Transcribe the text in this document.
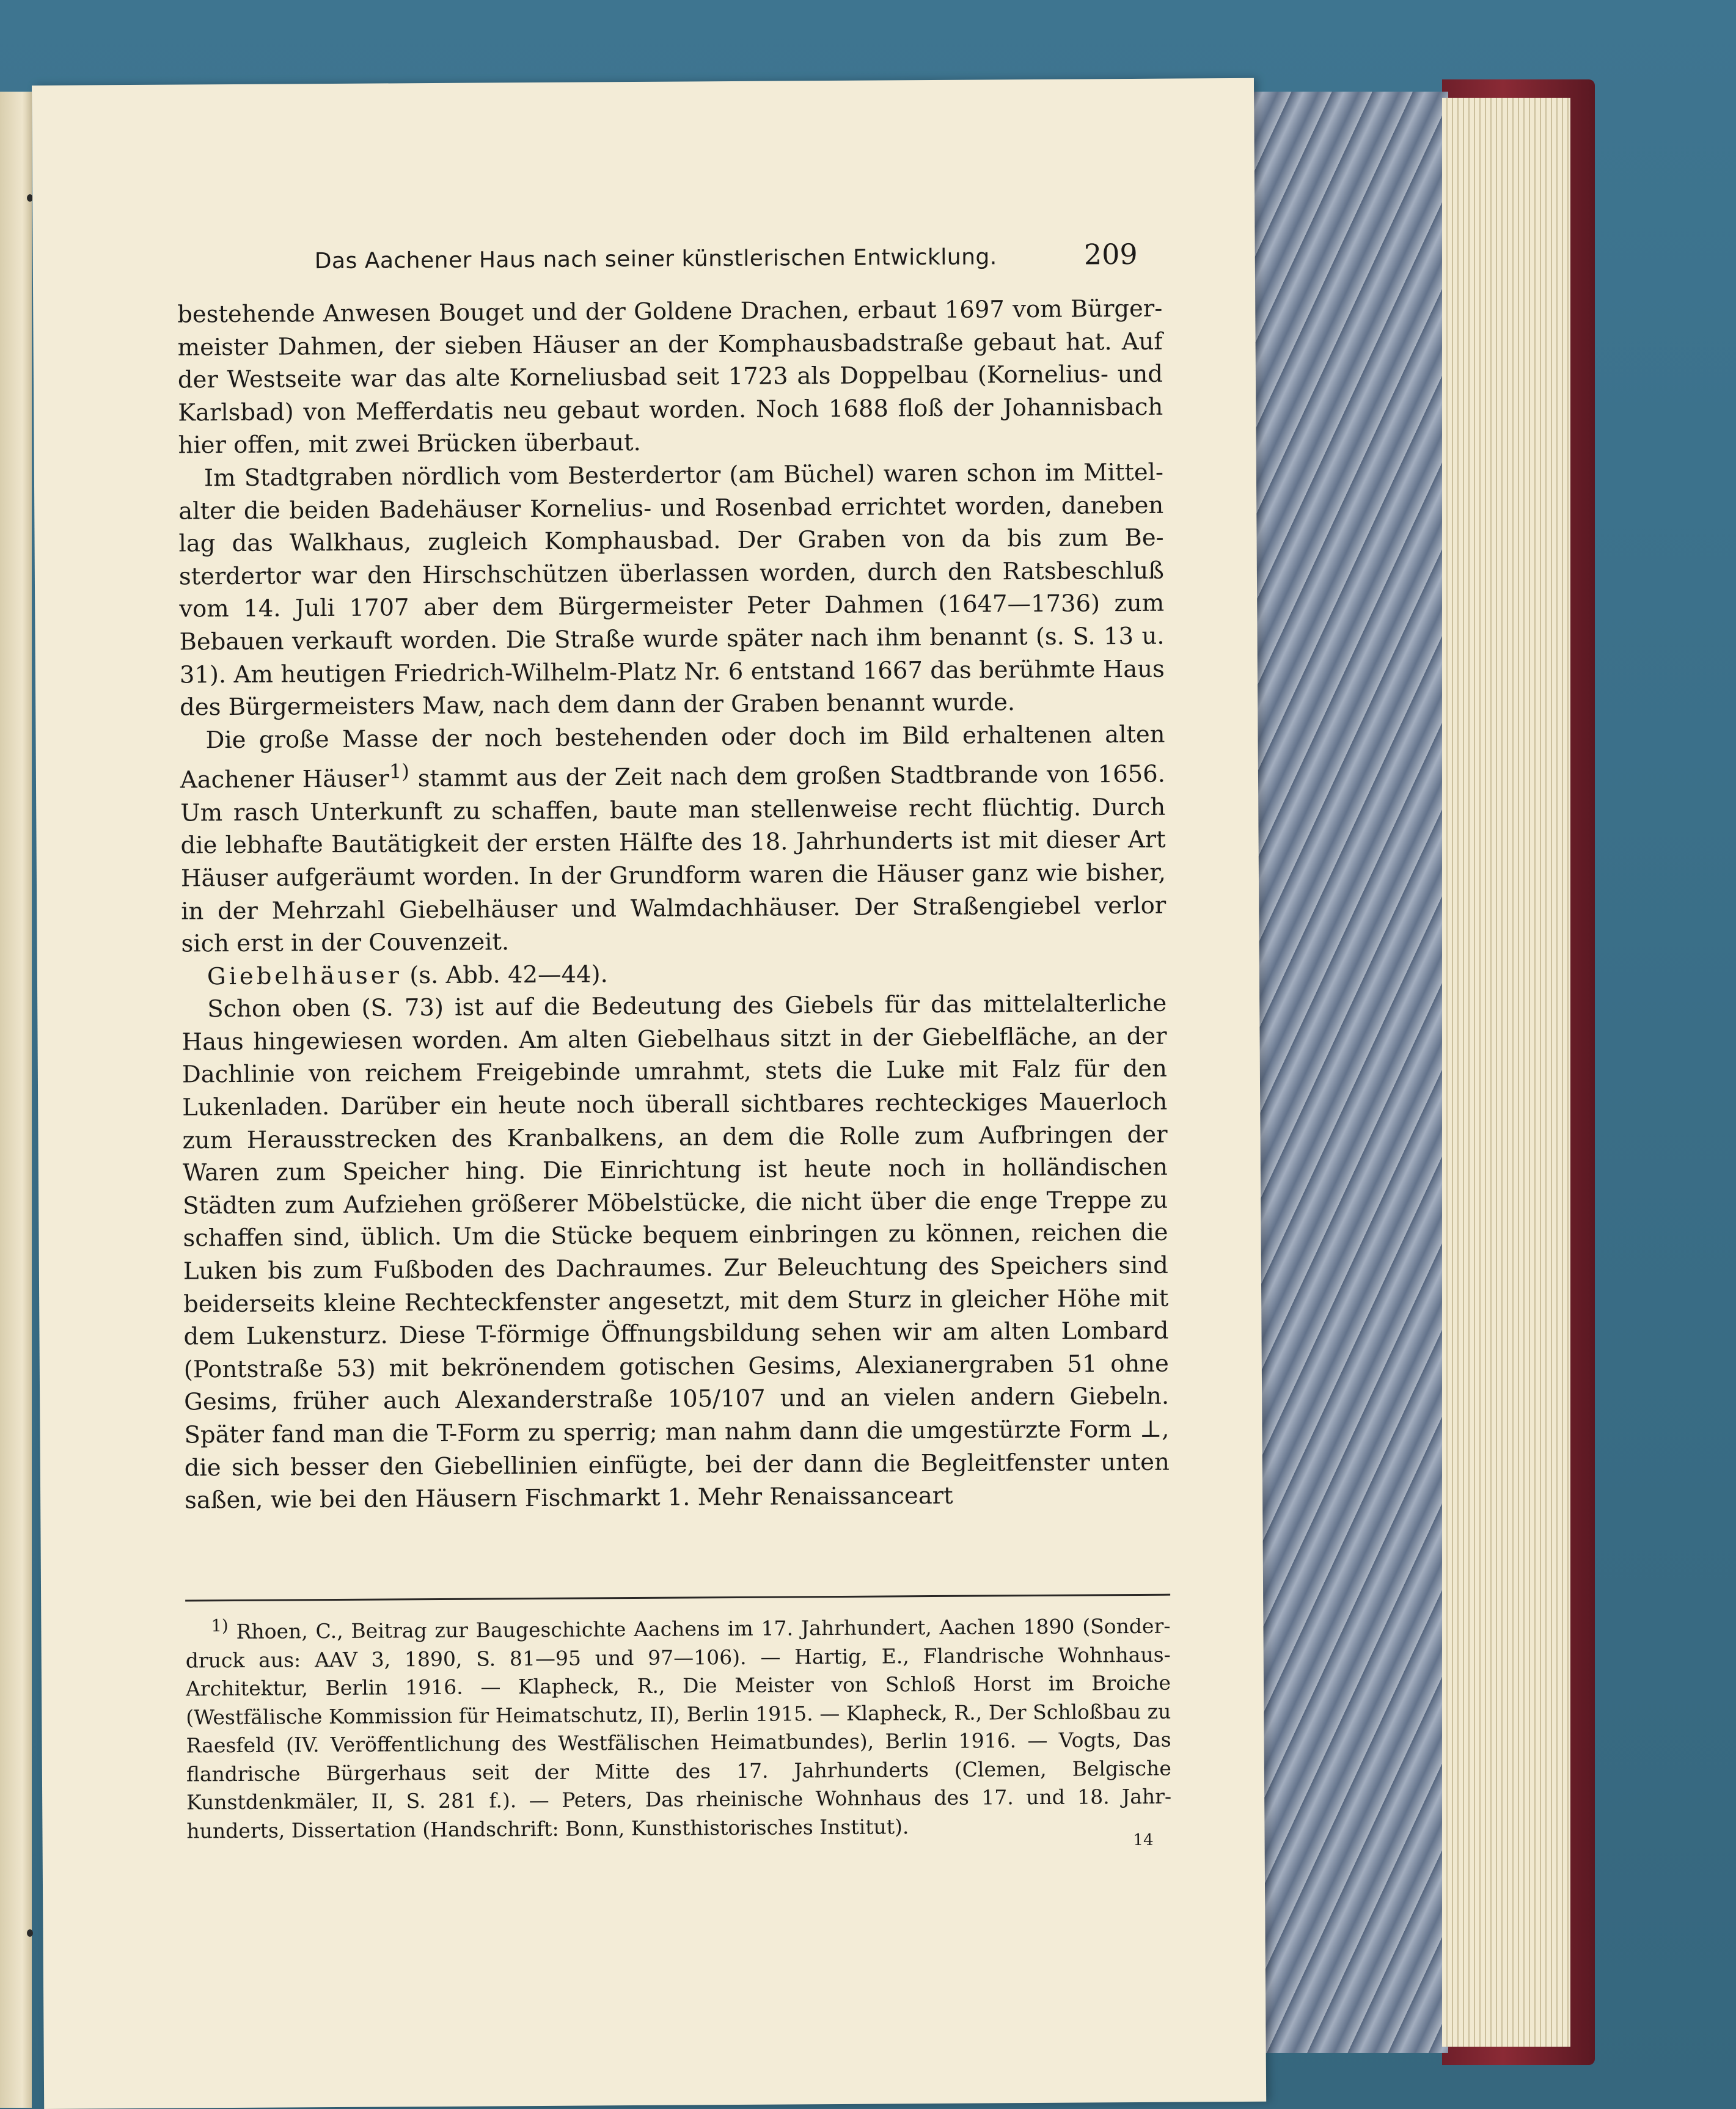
Das Aachener Haus nach seiner künstlerischen Entwicklung.	209

bestehende Anwesen Bouget und der Goldene Drachen, erbaut 1697 vom Bürgermeister Dahmen, der sieben Häuser an der Komphausbadstraße gebaut hat. Auf der Westseite war das alte Korneliusbad seit 1723 als Doppelbau (Kornelius- und Karlsbad) von Mefferdatis neu gebaut worden. Noch 1688 floß der Johannisbach hier offen, mit zwei Brücken überbaut.

Im Stadtgraben nördlich vom Besterdertor (am Büchel) waren schon im Mittelalter die beiden Badehäuser Kornelius- und Rosenbad errichtet worden, daneben lag das Walkhaus, zugleich Komphausbad. Der Graben von da bis zum Besterdertor war den Hirschschützen überlassen worden, durch den Ratsbeschluß vom 14. Juli 1707 aber dem Bürgermeister Peter Dahmen (1647—1736) zum Bebauen verkauft worden. Die Straße wurde später nach ihm benannt (s. S. 13 u. 31). Am heutigen Friedrich-Wilhelm-Platz Nr. 6 entstand 1667 das berühmte Haus des Bürgermeisters Maw, nach dem dann der Graben benannt wurde.

Die große Masse der noch bestehenden oder doch im Bild erhaltenen alten Aachener Häuser$^{1)}$ stammt aus der Zeit nach dem großen Stadtbrande von 1656. Um rasch Unterkunft zu schaffen, baute man stellenweise recht flüchtig. Durch die lebhafte Bautätigkeit der ersten Hälfte des 18. Jahrhunderts ist mit dieser Art Häuser aufgeräumt worden. In der Grundform waren die Häuser ganz wie bisher, in der Mehrzahl Giebelhäuser und Walmdachhäuser. Der Straßengiebel verlor sich erst in der Couvenzeit.

Giebelhäuser (s. Abb. 42—44).

Schon oben (S. 73) ist auf die Bedeutung des Giebels für das mittelalterliche Haus hingewiesen worden. Am alten Giebelhaus sitzt in der Giebelfläche, an der Dachlinie von reichem Freigebinde umrahmt, stets die Luke mit Falz für den Lukenladen. Darüber ein heute noch überall sichtbares rechteckiges Mauerloch zum Herausstrecken des Kranbalkens, an dem die Rolle zum Aufbringen der Waren zum Speicher hing. Die Einrichtung ist heute noch in holländischen Städten zum Aufziehen größerer Möbelstücke, die nicht über die enge Treppe zu schaffen sind, üblich. Um die Stücke bequem einbringen zu können, reichen die Luken bis zum Fußboden des Dachraumes. Zur Beleuchtung des Speichers sind beiderseits kleine Rechteckfenster angesetzt, mit dem Sturz in gleicher Höhe mit dem Lukensturz. Diese T-förmige Öffnungsbildung sehen wir am alten Lombard (Pontstraße 53) mit bekrönendem gotischen Gesims, Alexianergraben 51 ohne Gesims, früher auch Alexanderstraße 105/107 und an vielen andern Giebeln. Später fand man die T-Form zu sperrig; man nahm dann die umgestürzte Form ⊥, die sich besser den Giebellinien einfügte, bei der dann die Begleitfenster unten saßen, wie bei den Häusern Fischmarkt 1. Mehr Renaissanceart

$^{1)}$ Rhoen, C., Beitrag zur Baugeschichte Aachens im 17. Jahrhundert, Aachen 1890 (Sonderdruck aus: AAV 3, 1890, S. 81—95 und 97—106). — Hartig, E., Flandrische Wohnhaus-Architektur, Berlin 1916. — Klapheck, R., Die Meister von Schloß Horst im Broiche (Westfälische Kommission für Heimatschutz, II), Berlin 1915. — Klapheck, R., Der Schloßbau zu Raesfeld (IV. Veröffentlichung des Westfälischen Heimatbundes), Berlin 1916. — Vogts, Das flandrische Bürgerhaus seit der Mitte des 17. Jahrhunderts (Clemen, Belgische Kunstdenkmäler, II, S. 281 f.). — Peters, Das rheinische Wohnhaus des 17. und 18. Jahrhunderts, Dissertation (Handschrift: Bonn, Kunsthistorisches Institut).	14
